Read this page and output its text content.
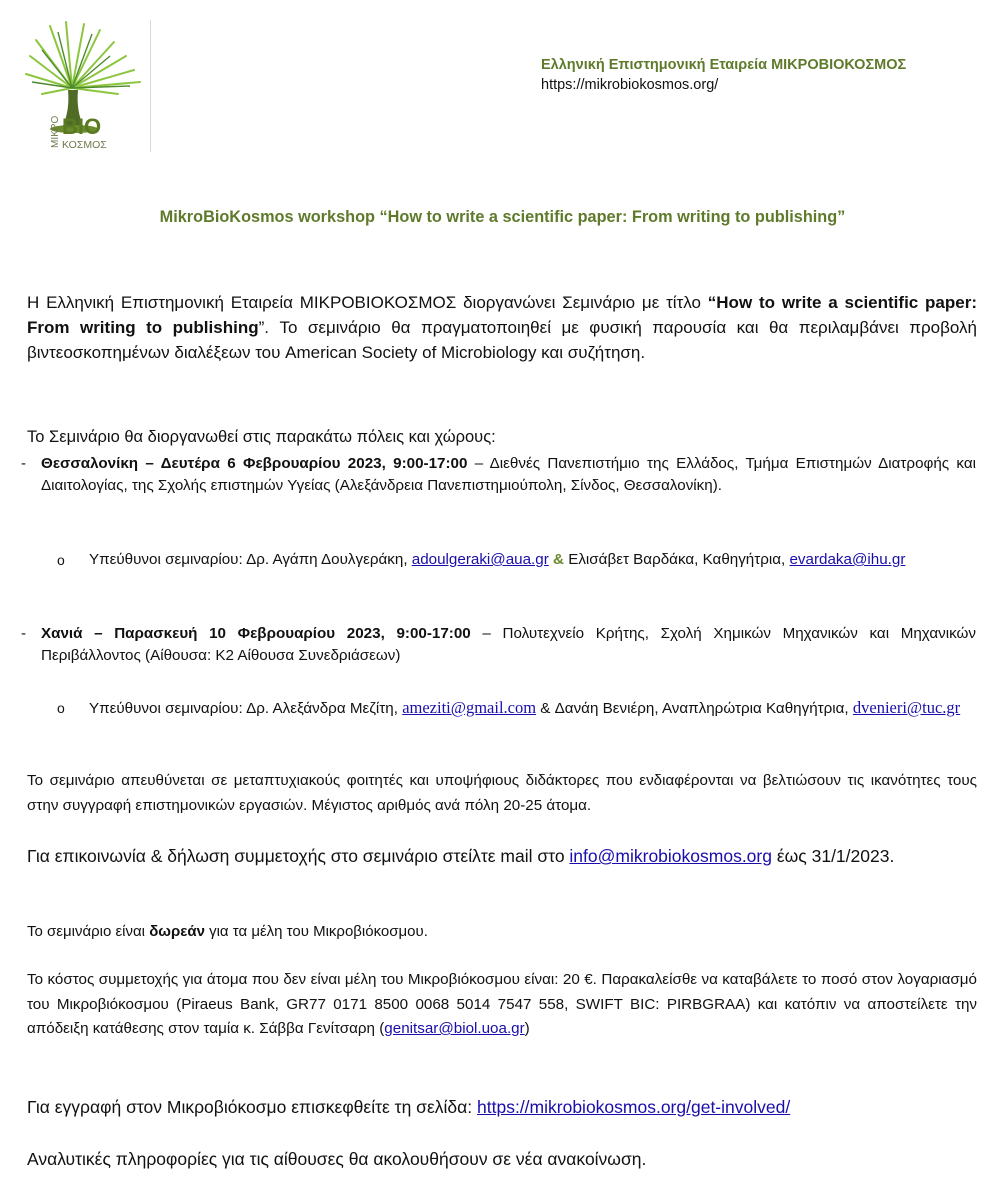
ΜΙΚΡΟ BIO
ΚΟΣΜΟΣ
Ελληνική Επιστημονική Εταιρεία ΜΙΚΡΟΒΙΟΚΟΣΜΟΣ
https://mikrobiokosmos.org/
MikroBioKosmos workshop “How to write a scientific paper: From writing to publishing”
Η Ελληνική Επιστημονική Εταιρεία ΜΙΚΡΟΒΙΟΚΟΣΜΟΣ διοργανώνει Σεμινάριο με τίτλο “How to write a scientific paper: From writing to publishing”. Το σεμινάριο θα πραγματοποιηθεί με φυσική παρουσία και θα περιλαμβάνει προβολή βιντεοσκοπημένων διαλέξεων του American Society of Microbiology και συζήτηση.
Το Σεμινάριο θα διοργανωθεί στις παρακάτω πόλεις και χώρους:
- Θεσσαλονίκη – Δευτέρα 6 Φεβρουαρίου 2023, 9:00-17:00 – Διεθνές Πανεπιστήμιο της Ελλάδος, Τμήμα Επιστημών Διατροφής και Διαιτολογίας, της Σχολής επιστημών Υγείας (Αλεξάνδρεια Πανεπιστημιούπολη, Σίνδος, Θεσσαλονίκη).
o Υπεύθυνοι σεμιναρίου: Δρ. Αγάπη Δουλγεράκη, adoulgeraki@aua.gr & Ελισάβετ Βαρδάκα, Καθηγήτρια, evardaka@ihu.gr
- Χανιά – Παρασκευή 10 Φεβρουαρίου 2023, 9:00-17:00 – Πολυτεχνείο Κρήτης, Σχολή Χημικών Μηχανικών και Μηχανικών Περιβάλλοντος (Αίθουσα: Κ2 Αίθουσα Συνεδριάσεων)
o Υπεύθυνοι σεμιναρίου: Δρ. Αλεξάνδρα Μεζίτη, ameziti@gmail.com & Δανάη Βενιέρη, Αναπληρώτρια Καθηγήτρια, dvenieri@tuc.gr
Το σεμινάριο απευθύνεται σε μεταπτυχιακούς φοιτητές και υποψήφιους διδάκτορες που ενδιαφέρονται να βελτιώσουν τις ικανότητες τους στην συγγραφή επιστημονικών εργασιών. Μέγιστος αριθμός ανά πόλη 20-25 άτομα.
Για επικοινωνία & δήλωση συμμετοχής στο σεμινάριο στείλτε mail στο info@mikrobiokosmos.org έως 31/1/2023.
Το σεμινάριο είναι δωρεάν για τα μέλη του Μικροβιόκοσμου.
Το κόστος συμμετοχής για άτομα που δεν είναι μέλη του Μικροβιόκοσμου είναι: 20 €. Παρακαλείσθε να καταβάλετε το ποσό στον λογαριασμό του Μικροβιόκοσμου (Piraeus Bank, GR77 0171 8500 0068 5014 7547 558, SWIFT BIC: PIRBGRAA) και κατόπιν να αποστείλετε την απόδειξη κατάθεσης στον ταμία κ. Σάββα Γενίτσαρη (genitsar@biol.uoa.gr)
Για εγγραφή στον Μικροβιόκοσμο επισκεφθείτε τη σελίδα: https://mikrobiokosmos.org/get-involved/
Αναλυτικές πληροφορίες για τις αίθουσες θα ακολουθήσουν σε νέα ανακοίνωση.
